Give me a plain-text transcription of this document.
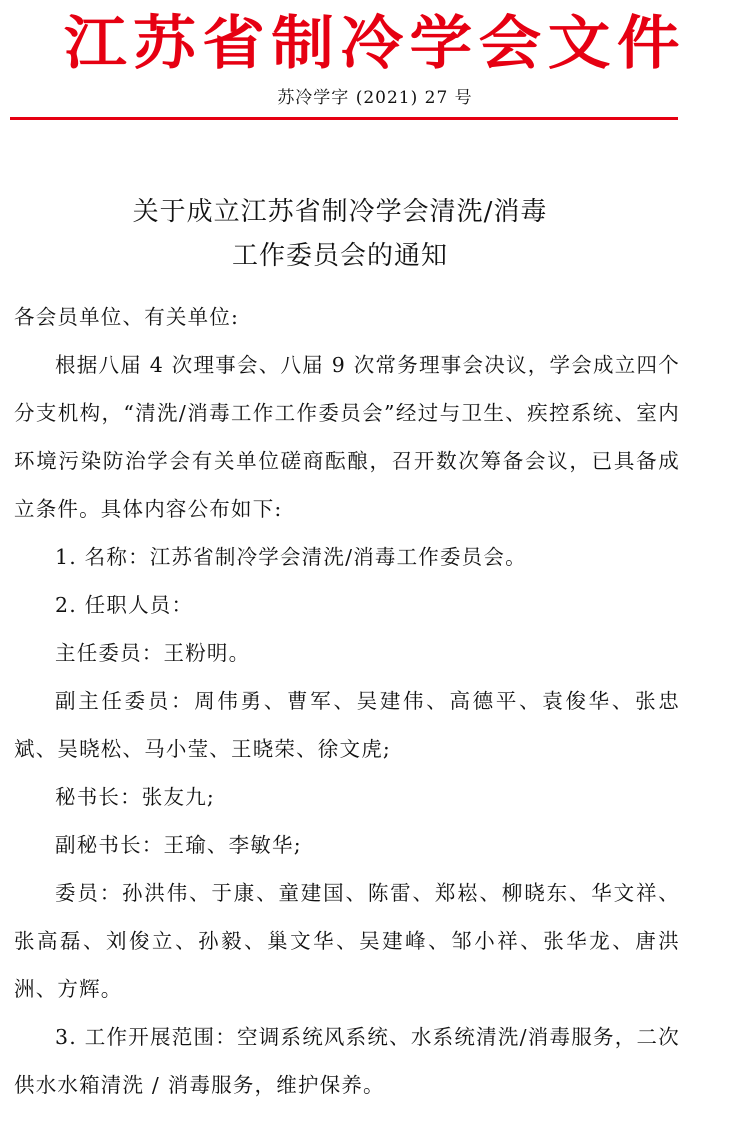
江苏省制冷学会文件
苏冷学字 (2021) 27 号
关于成立江苏省制冷学会清洗/消毒
工作委员会的通知

各会员单位、有关单位:

根据八届 4 次理事会、八届 9 次常务理事会决议，学会成立四个分支机构，“清洗/消毒工作工作委员会”经过与卫生、疾控系统、室内环境污染防治学会有关单位磋商酝酿，召开数次筹备会议，已具备成立条件。具体内容公布如下:

1. 名称：江苏省制冷学会清洗/消毒工作委员会。

2. 任职人员：

主任委员：王粉明。

副主任委员：周伟勇、曹军、吴建伟、高德平、袁俊华、张忠斌、吴晓松、马小莹、王晓荣、徐文虎;

秘书长：张友九;

副秘书长：王瑜、李敏华;

委员：孙洪伟、于康、童建国、陈雷、郑崧、柳晓东、华文祥、张高磊、刘俊立、孙毅、巢文华、吴建峰、邹小祥、张华龙、唐洪洲、方辉。

3. 工作开展范围：空调系统风系统、水系统清洗/消毒服务，二次供水水箱清洗 / 消毒服务，维护保养。
